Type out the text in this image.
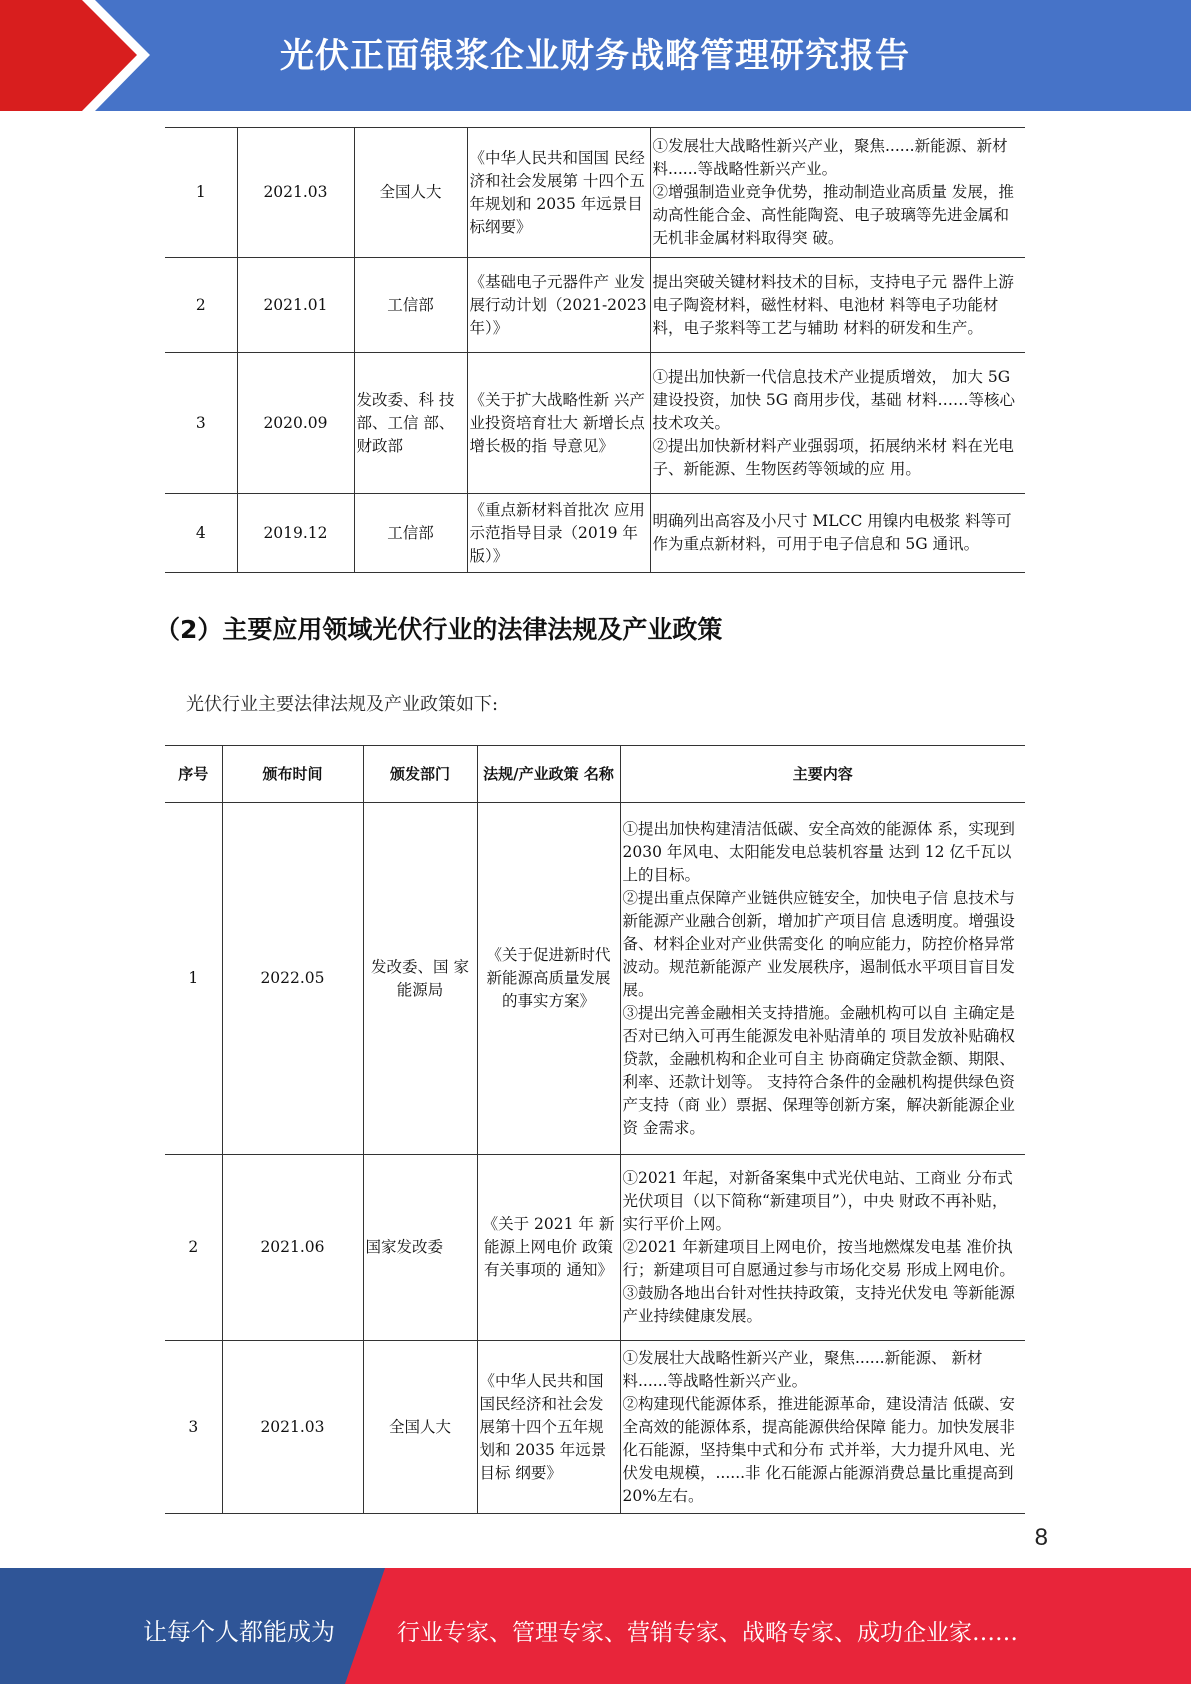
光伏正面银浆企业财务战略管理研究报告
1	2021.03	全国人大	《中华人民共和国国 民经济和社会发展第 十四个五年规划和 2035 年远景目标纲要》	①发展壮大战略性新兴产业，聚焦......新能源、新材料......等战略性新兴产业。
②增强制造业竞争优势，推动制造业高质量 发展，推动高性能合金、高性能陶瓷、电子玻璃等先进金属和无机非金属材料取得突 破。
2	2021.01	工信部	《基础电子元器件产 业发展行动计划（2021-2023 年）》	提出突破关键材料技术的目标，支持电子元 器件上游电子陶瓷材料，磁性材料、电池材 料等电子功能材料，电子浆料等工艺与辅助 材料的研发和生产。
3	2020.09	发改委、科 技部、工信 部、财政部	《关于扩大战略性新 兴产业投资培育壮大 新增长点增长极的指 导意见》	①提出加快新一代信息技术产业提质增效， 加大 5G 建设投资，加快 5G 商用步伐，基础 材料……等核心技术攻关。
②提出加快新材料产业强弱项，拓展纳米材 料在光电子、新能源、生物医药等领域的应 用。
4	2019.12	工信部	《重点新材料首批次 应用示范指导目录（2019 年版）》	明确列出高容及小尺寸 MLCC 用镍内电极浆 料等可作为重点新材料，可用于电子信息和 5G 通讯。
（2）主要应用领域光伏行业的法律法规及产业政策
光伏行业主要法律法规及产业政策如下:
序号	颁布时间	颁发部门	法规/产业政策 名称	主要内容
1	2022.05	发改委、国 家能源局	《关于促进新时代新能源高质量发展的事实方案》	①提出加快构建清洁低碳、安全高效的能源体 系，实现到 2030 年风电、太阳能发电总装机容量 达到 12 亿千瓦以上的目标。
②提出重点保障产业链供应链安全，加快电子信 息技术与新能源产业融合创新，增加扩产项目信 息透明度。增强设备、材料企业对产业供需变化 的响应能力，防控价格异常波动。规范新能源产 业发展秩序，遏制低水平项目盲目发展。
③提出完善金融相关支持措施。金融机构可以自 主确定是否对已纳入可再生能源发电补贴清单的 项目发放补贴确权贷款，金融机构和企业可自主 协商确定贷款金额、期限、利率、还款计划等。 支持符合条件的金融机构提供绿色资产支持（商 业）票据、保理等创新方案，解决新能源企业资 金需求。
2	2021.06	国家发改委	《关于 2021 年 新能源上网电价 政策有关事项的 通知》	①2021 年起，对新备案集中式光伏电站、工商业 分布式光伏项目（以下简称“新建项目”），中央 财政不再补贴，实行平价上网。
②2021 年新建项目上网电价，按当地燃煤发电基 准价执行；新建项目可自愿通过参与市场化交易 形成上网电价。
③鼓励各地出台针对性扶持政策，支持光伏发电 等新能源产业持续健康发展。
3	2021.03	全国人大	《中华人民共和国国民经济和社会发展第十四个五年规划和 2035 年远景目标 纲要》	①发展壮大战略性新兴产业，聚焦......新能源、 新材料......等战略性新兴产业。
②构建现代能源体系，推进能源革命，建设清洁 低碳、安全高效的能源体系，提高能源供给保障 能力。加快发展非化石能源，坚持集中式和分布 式并举，大力提升风电、光伏发电规模，......非 化石能源占能源消费总量比重提高到 20%左右。
8
让每个人都能成为	行业专家、管理专家、营销专家、战略专家、成功企业家……
